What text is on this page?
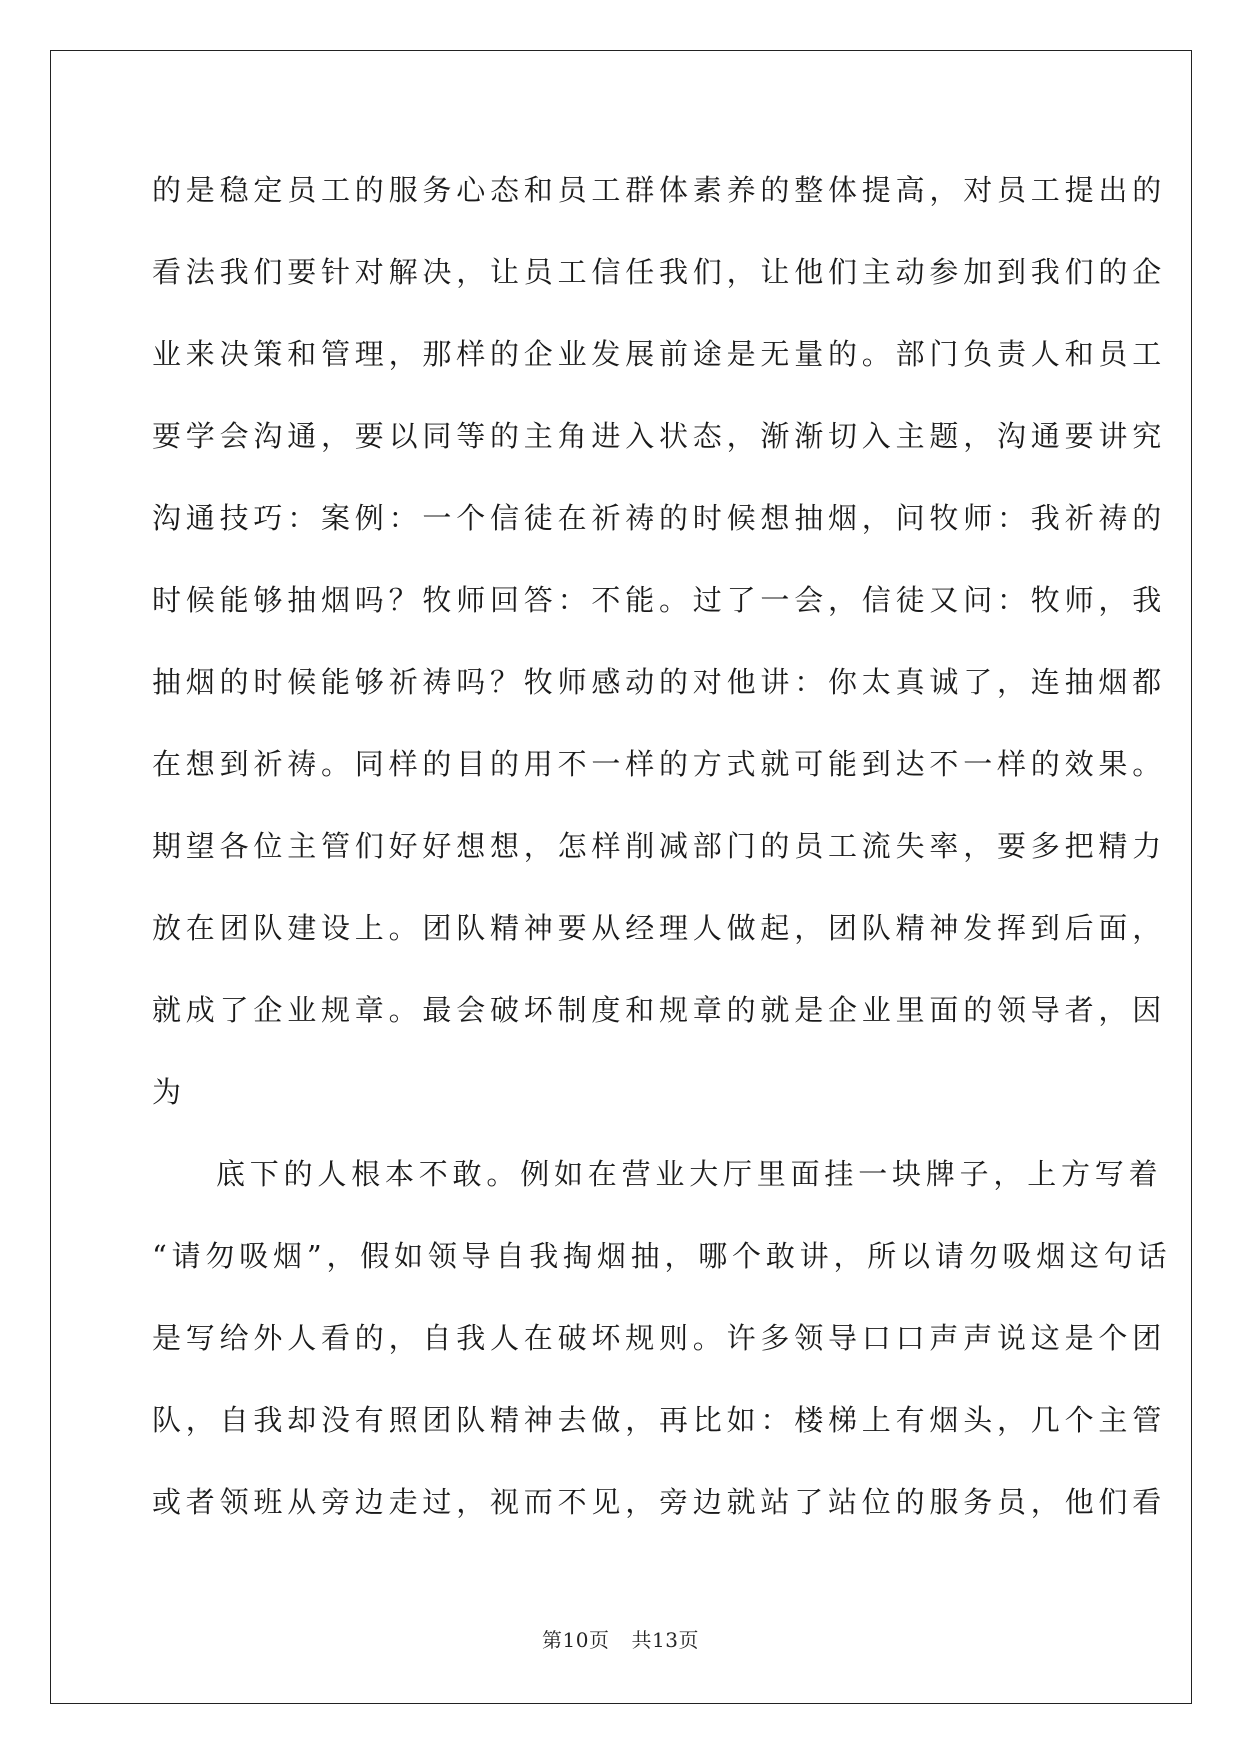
的是稳定员工的服务心态和员工群体素养的整体提高，对员工提出的
看法我们要针对解决，让员工信任我们，让他们主动参加到我们的企
业来决策和管理，那样的企业发展前途是无量的。部门负责人和员工
要学会沟通，要以同等的主角进入状态，渐渐切入主题，沟通要讲究
沟通技巧：案例：一个信徒在祈祷的时候想抽烟，问牧师：我祈祷的
时候能够抽烟吗？牧师回答：不能。过了一会，信徒又问：牧师，我
抽烟的时候能够祈祷吗？牧师感动的对他讲：你太真诚了，连抽烟都
在想到祈祷。同样的目的用不一样的方式就可能到达不一样的效果。
期望各位主管们好好想想，怎样削减部门的员工流失率，要多把精力
放在团队建设上。团队精神要从经理人做起，团队精神发挥到后面，
就成了企业规章。最会破坏制度和规章的就是企业里面的领导者，因
为
底下的人根本不敢。例如在营业大厅里面挂一块牌子，上方写着
“请勿吸烟”，假如领导自我掏烟抽，哪个敢讲，所以请勿吸烟这句话
是写给外人看的，自我人在破坏规则。许多领导口口声声说这是个团
队，自我却没有照团队精神去做，再比如：楼梯上有烟头，几个主管
或者领班从旁边走过，视而不见，旁边就站了站位的服务员，他们看
第10页 共13页
